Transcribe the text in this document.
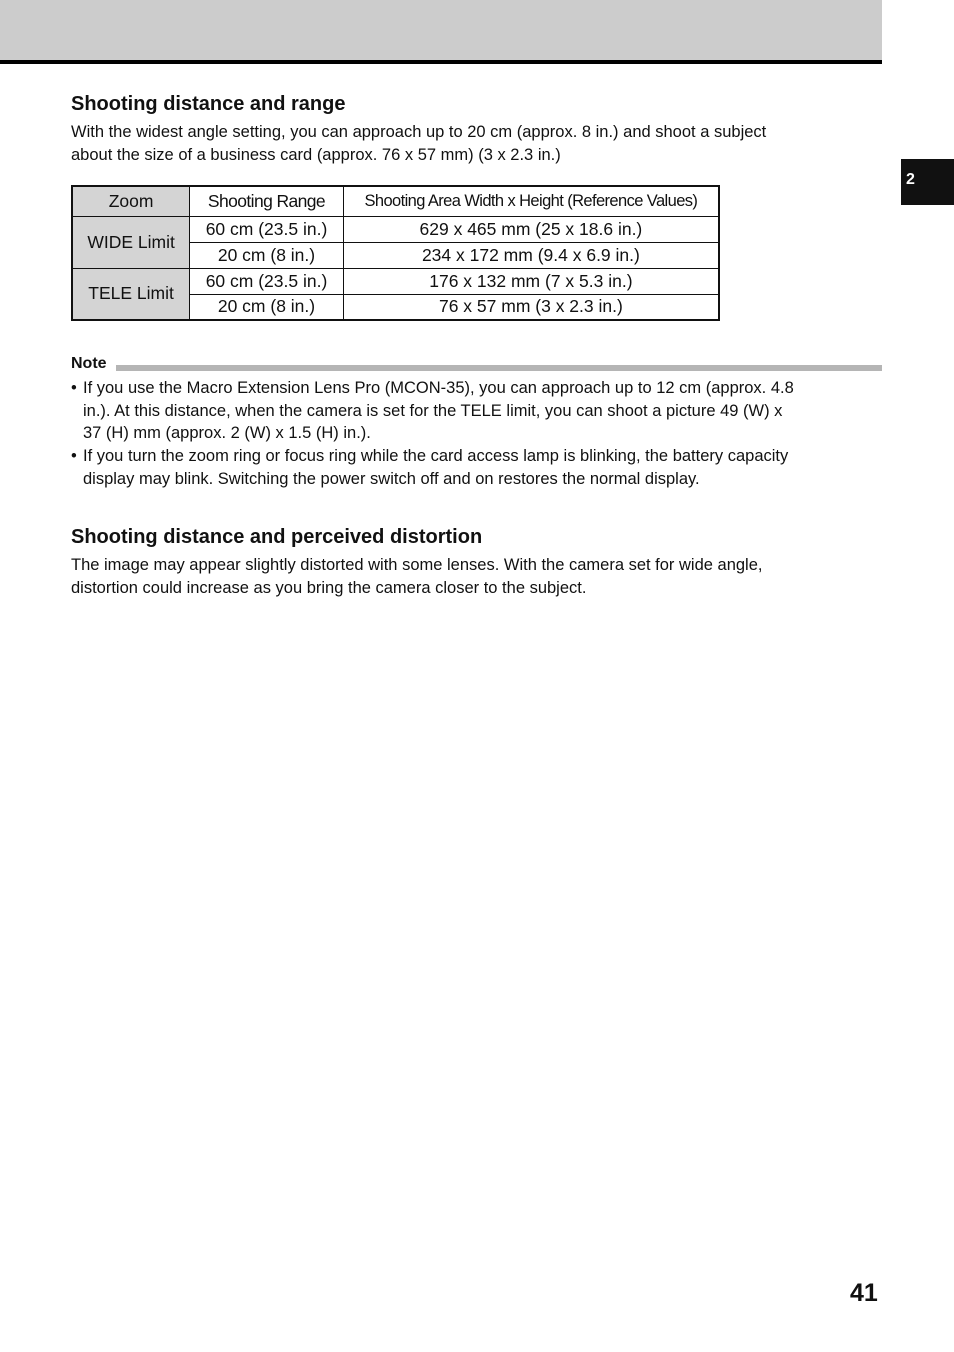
2
Shooting distance and range
With the widest angle setting, you can approach up to 20 cm (approx. 8 in.) and shoot a subject
about the size of a business card (approx. 76 x 57 mm) (3 x 2.3 in.)
Zoom	Shooting Range	Shooting Area Width x Height (Reference Values)
WIDE Limit	60 cm (23.5 in.)	629 x 465 mm (25 x 18.6 in.)
	20 cm (8 in.)	234 x 172 mm (9.4 x 6.9 in.)
TELE Limit	60 cm (23.5 in.)	176 x 132 mm (7 x 5.3 in.)
	20 cm (8 in.)	76 x 57 mm (3 x 2.3 in.)
Note
• If you use the Macro Extension Lens Pro (MCON-35), you can approach up to 12 cm (approx. 4.8
in.). At this distance, when the camera is set for the TELE limit, you can shoot a picture 49 (W) x
37 (H) mm (approx. 2 (W) x 1.5 (H) in.).
• If you turn the zoom ring or focus ring while the card access lamp is blinking, the battery capacity
display may blink. Switching the power switch off and on restores the normal display.
Shooting distance and perceived distortion
The image may appear slightly distorted with some lenses. With the camera set for wide angle,
distortion could increase as you bring the camera closer to the subject.
41
